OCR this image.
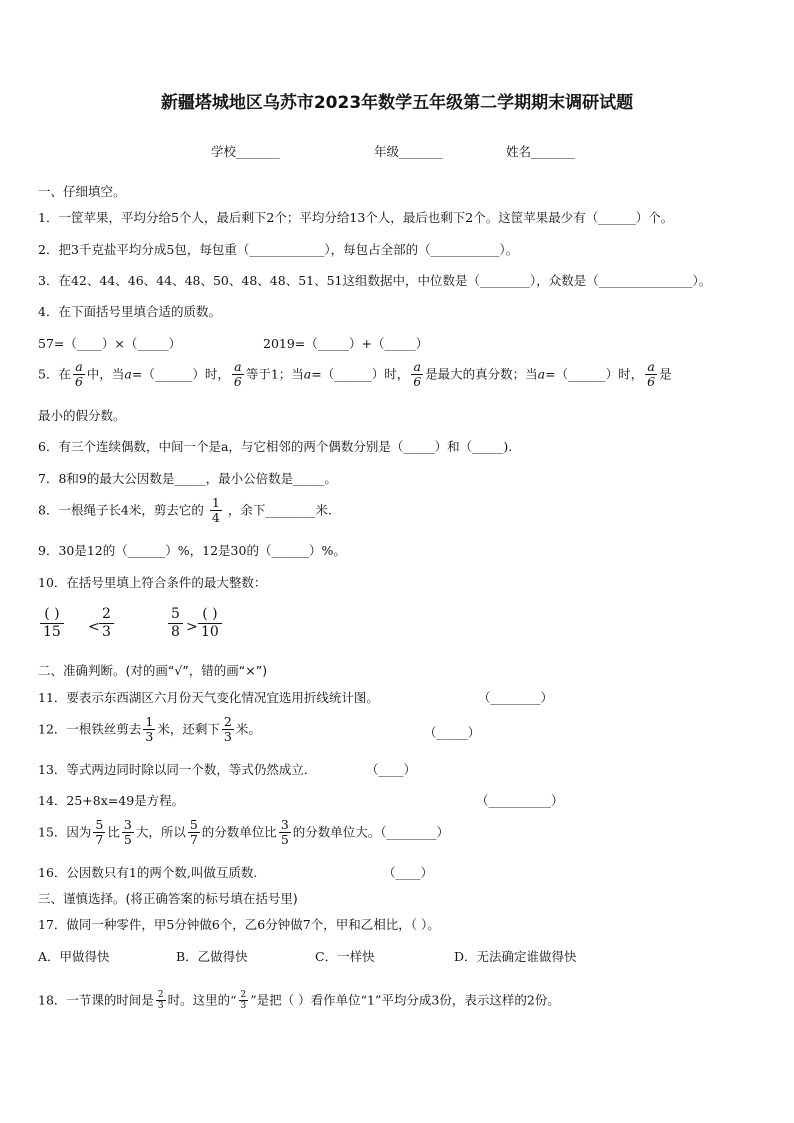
新疆塔城地区乌苏市2023年数学五年级第二学期期末调研试题
学校_______	年级_______	姓名_______
一、仔细填空。
1．一筐苹果，平均分给5个人，最后剩下2个；平均分给13个人，最后也剩下2个。这筐苹果最少有（______）个。
2．把3千克盐平均分成5包，每包重（____________），每包占全部的（___________）。
3．在42、44、46、44、48、50、48、48、51、51这组数据中，中位数是（________），众数是（_______________）。
4．在下面括号里填合适的质数。
57=（____）×（_____）	2019=（_____）+（_____）
5．在 $\frac{a}{6}$ 中，当a=（______）时， $\frac{a}{6}$ 等于1；当a=（______）时， $\frac{a}{6}$ 是最大的真分数；当a=（______）时， $\frac{a}{6}$ 是
最小的假分数。
6．有三个连续偶数，中间一个是a，与它相邻的两个偶数分别是（_____）和（_____).
7．8和9的最大公因数是_____，最小公倍数是_____。
8．一根绳子长4米，剪去它的 $\frac{1}{4}$ ，余下________米.
9．30是12的（______）%，12是30的（______）%。
10．在括号里填上符合条件的最大整数：
( )
15 <
2
3
5
8 >
( )
10
二、准确判断。(对的画“√”，错的画“×”)
11．要表示东西湖区六月份天气变化情况宜选用折线统计图。	（________）
12．一根铁丝剪去 $\frac{1}{3}$ 米，还剩下 $\frac{2}{3}$ 米。	（_____）
13．等式两边同时除以同一个数，等式仍然成立．	（____）
14．25+8x=49是方程。	（__________）
15．因为 $\frac{5}{7}$ 比 $\frac{3}{5}$ 大，所以 $\frac{5}{7}$ 的分数单位比 $\frac{3}{5}$ 的分数单位大。（________）
16．公因数只有1的两个数,叫做互质数.	（____）
三、谨慎选择。(将正确答案的标号填在括号里)
17．做同一种零件，甲5分钟做6个，乙6分钟做7个，甲和乙相比，（ ）。
A．甲做得快	B．乙做得快	C．一样快	D．无法确定谁做得快
18．一节课的时间是 $\frac{2}{3}$ 时。这里的“ $\frac{2}{3}$ ”是把（ ）看作单位“1”平均分成3份，表示这样的2份。
